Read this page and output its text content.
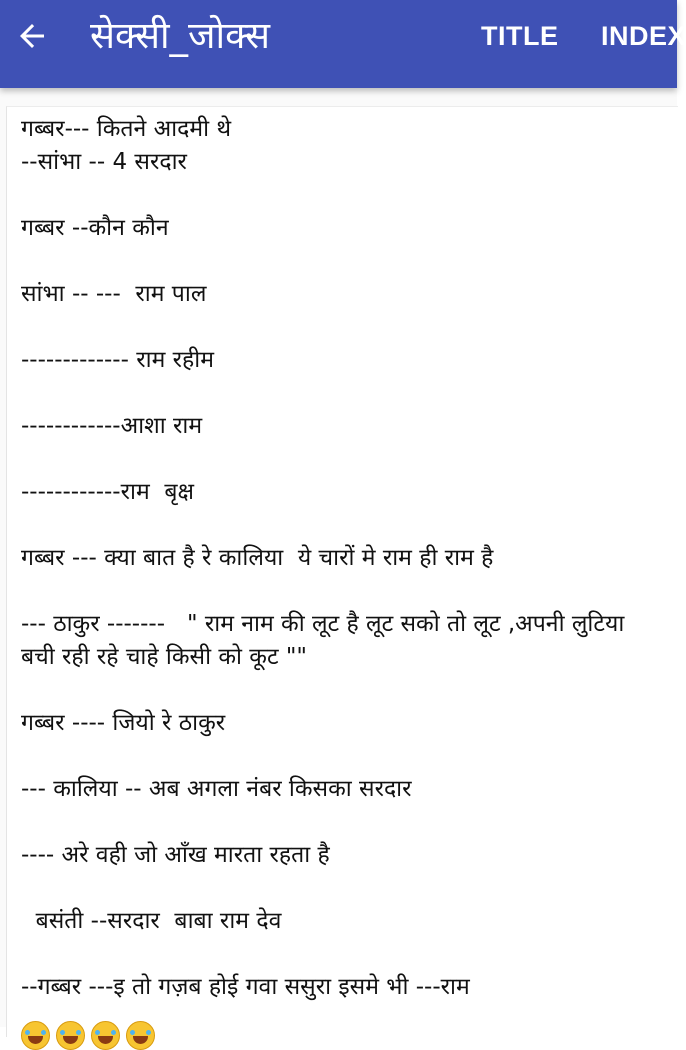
सेक्सी_जोक्स	TITLE INDEX

गब्बर--- कितने आदमी थे
--सांभा -- 4 सरदार

गब्बर --कौन कौन

सांभा -- ---  राम पाल

------------- राम रहीम

------------आशा राम

------------राम  बृक्ष

गब्बर --- क्या बात है रे कालिया  ये चारों मे राम ही राम है

--- ठाकुर -------   " राम नाम की लूट है लूट सको तो लूट ,अपनी लुटिया बची रही रहे चाहे किसी को कूट ""

गब्बर ---- जियो रे ठाकुर

--- कालिया -- अब अगला नंबर किसका सरदार

---- अरे वही जो आँख मारता रहता है

बसंती --सरदार  बाबा राम देव

--गब्बर ---इ तो गज़ब होई गवा ससुरा इसमे भी ---राम
